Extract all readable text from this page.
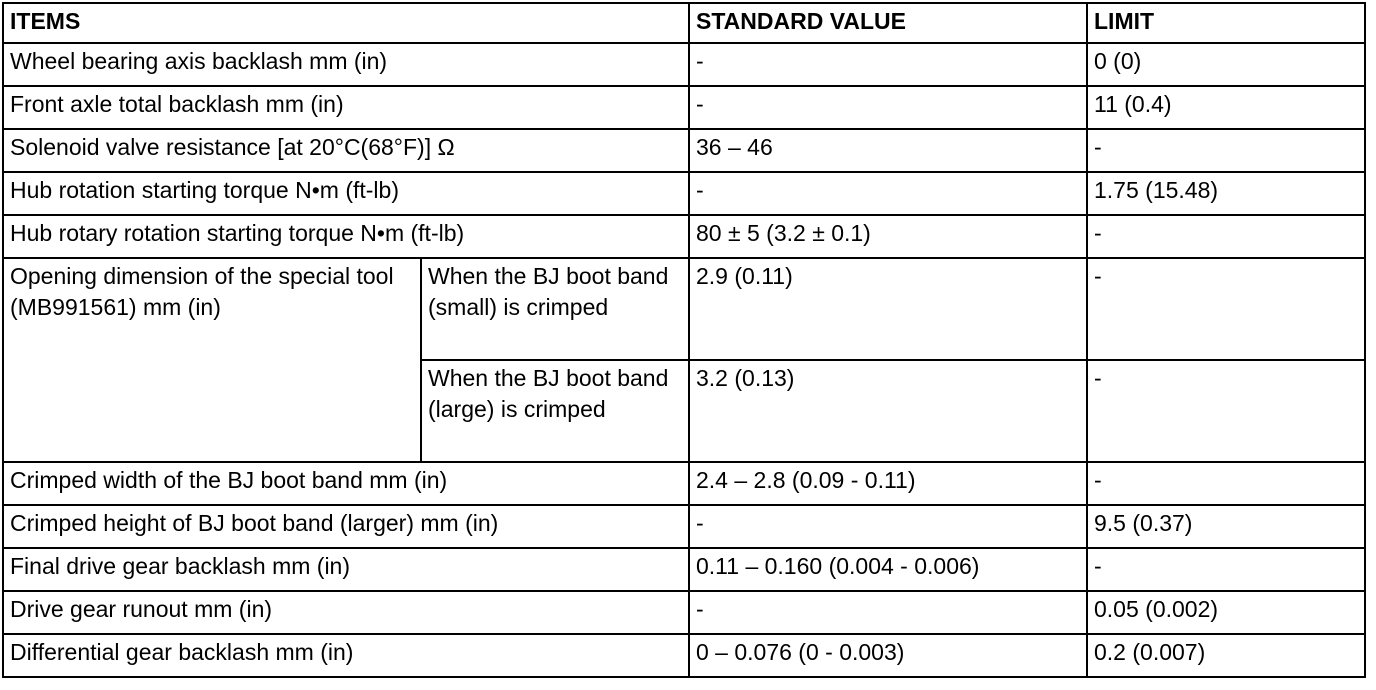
ITEMS		STANDARD VALUE	LIMIT
Wheel bearing axis backlash mm (in)		-	0 (0)
Front axle total backlash mm (in)		-	11 (0.4)
Solenoid valve resistance [at 20°C(68°F)] Ω		36 – 46	-
Hub rotation starting torque N•m (ft-lb)		-	1.75 (15.48)
Hub rotary rotation starting torque N•m (ft-lb)		80 ± 5 (3.2 ± 0.1)	-
Opening dimension of the special tool (MB991561) mm (in)	When the BJ boot band (small) is crimped	2.9 (0.11)	-
	When the BJ boot band (large) is crimped	3.2 (0.13)	-
Crimped width of the BJ boot band mm (in)		2.4 – 2.8 (0.09 - 0.11)	-
Crimped height of BJ boot band (larger) mm (in)		-	9.5 (0.37)
Final drive gear backlash mm (in)		0.11 – 0.160 (0.004 - 0.006)	-
Drive gear runout mm (in)		-	0.05 (0.002)
Differential gear backlash mm (in)		0 – 0.076 (0 - 0.003)	0.2 (0.007)
